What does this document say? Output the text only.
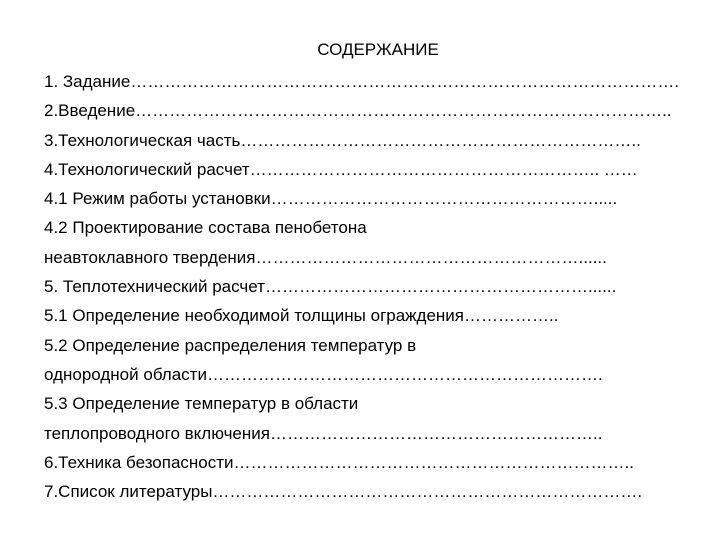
СОДЕРЖАНИЕ
1. Задание…………………………………………………………………………………….
2.Введение…………………………………………………………………………………..
3.Технологическая часть……………………………………………………………..
4.Технологический расчет…………………………………………………….. ……
4.1 Режим работы установки………………………………………………….....
4.2 Проектирование состава пенобетона
неавтоклавного твердения…………………………………………………......
5. Теплотехнический расчет…………………………………………………......
5.1 Определение необходимой толщины ограждения……………..
5.2 Определение распределения температур в
однородной области…………………………………………………………….
5.3 Определение температур в области
теплопроводного включения…………………………………………………..
6.Техника безопасности……………………………………………………………..
7.Список литературы………………………………………………………………….
